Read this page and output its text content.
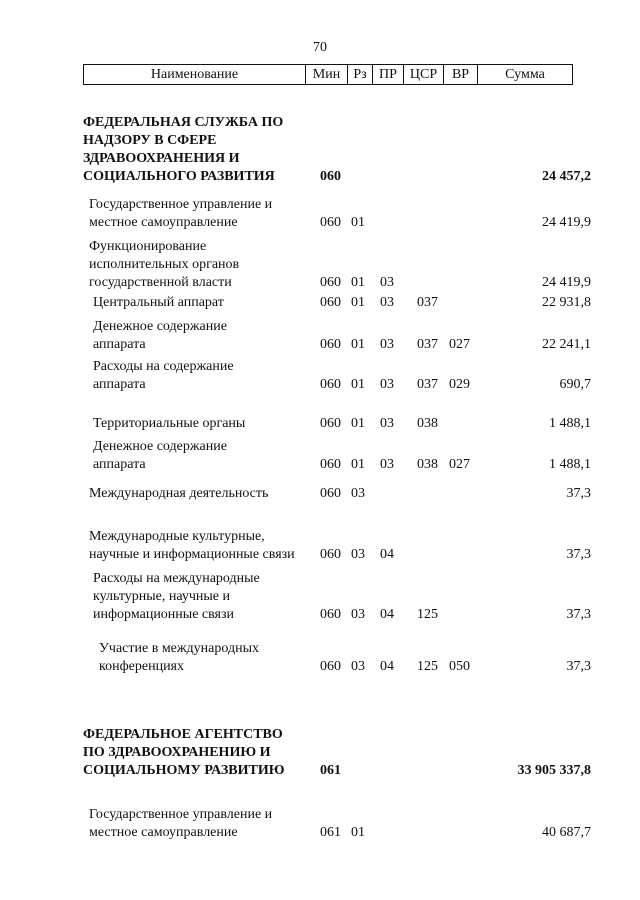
70
Наименование	Мин Рз ПР ЦСР	ВР	Сумма
ФЕДЕРАЛЬНАЯ СЛУЖБА ПО НАДЗОРУ В СФЕРЕ ЗДРАВООХРАНЕНИЯ И СОЦИАЛЬНОГО РАЗВИТИЯ	060	24 457,2
Государственное управление и местное самоуправление	060 01	24 419,9
Функционирование исполнительных органов государственной власти	060 01 03	24 419,9
Центральный аппарат	060 01 03 037	22 931,8
Денежное содержание аппарата	060 01 03 037 027	22 241,1
Расходы на содержание аппарата	060 01 03 037 029	690,7
Территориальные органы	060 01 03 038	1 488,1
Денежное содержание аппарата	060 01 03 038 027	1 488,1
Международная деятельность	060 03	37,3
Международные культурные, научные и информационные связи	060 03 04	37,3
Расходы на международные культурные, научные и информационные связи	060 03 04 125	37,3
Участие в международных конференциях	060 03 04 125 050	37,3
ФЕДЕРАЛЬНОЕ АГЕНТСТВО ПО ЗДРАВООХРАНЕНИЮ И СОЦИАЛЬНОМУ РАЗВИТИЮ	061	33 905 337,8
Государственное управление и местное самоуправление	061 01	40 687,7
